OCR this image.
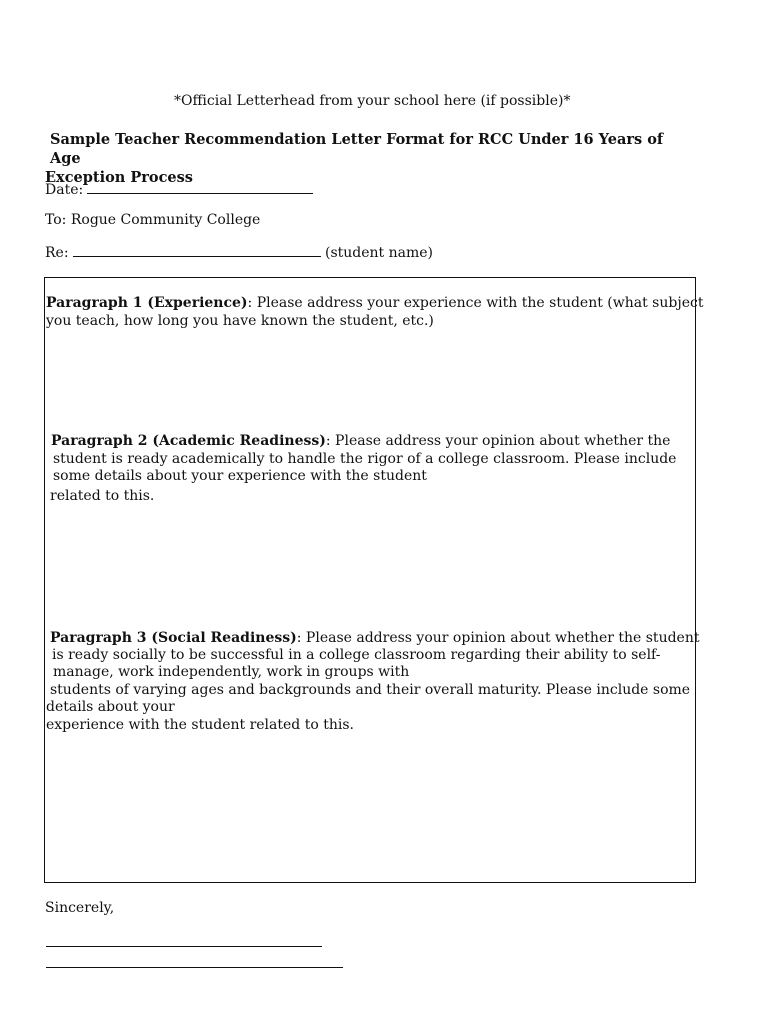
*Official Letterhead from your school here (if possible)*
Sample Teacher Recommendation Letter Format for RCC Under 16 Years of Age
Exception Process
Date:
To: Rogue Community College
Re:	(student name)
Paragraph 1 (Experience): Please address your experience with the student (what subject
you teach, how long you have known the student, etc.)
Paragraph 2 (Academic Readiness): Please address your opinion about whether the
student is ready academically to handle the rigor of a college classroom. Please include
some details about your experience with the student
related to this.
Paragraph 3 (Social Readiness): Please address your opinion about whether the student
is ready socially to be successful in a college classroom regarding their ability to self-
manage, work independently, work in groups with
students of varying ages and backgrounds and their overall maturity. Please include some
details about your
experience with the student related to this.
Sincerely,
